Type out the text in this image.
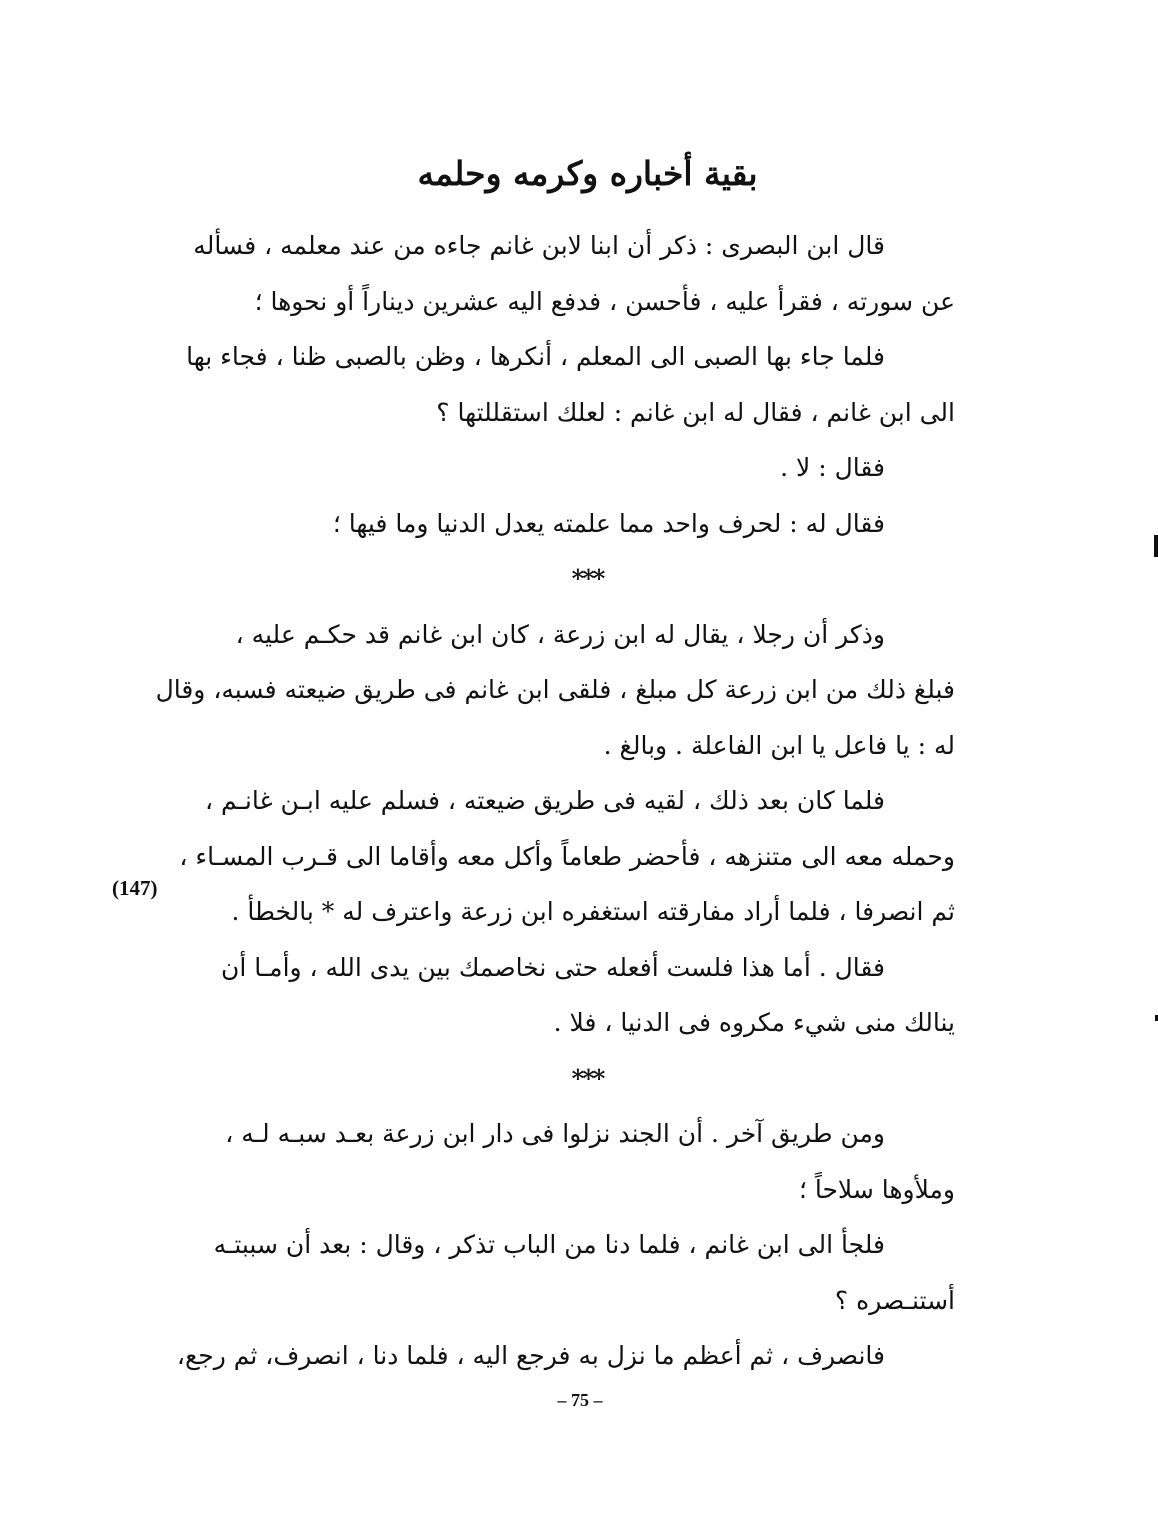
بقية أخباره وكرمه وحلمه
قال ابن البصرى : ذكر أن ابنا لابن غانم جاءه من عند معلمه ، فسأله
عن سورته ، فقرأ عليه ، فأحسن ، فدفع اليه عشرين ديناراً أو نحوها ؛
فلما جاء بها الصبى الى المعلم ، أنكرها ، وظن بالصبى ظنا ، فجاء بها
الى ابن غانم ، فقال له ابن غانم : لعلك استقللتها ؟
فقال : لا .
فقال له : لحرف واحد مما علمته يعدل الدنيا وما فيها ؛
***
وذكر أن رجلا ، يقال له ابن زرعة ، كان ابن غانم قد حكـم عليه ،
فبلغ ذلك من ابن زرعة كل مبلغ ، فلقى ابن غانم فى طريق ضيعته فسبه، وقال
له : يا فاعل يا ابن الفاعلة . وبالغ .
فلما كان بعد ذلك ، لقيه فى طريق ضيعته ، فسلم عليه ابـن غانـم ،
وحمله معه الى متنزهه ، فأحضر طعاماً وأكل معه وأقاما الى قـرب المسـاء ،
ثم انصرفا ، فلما أراد مفارقته استغفره ابن زرعة واعترف له * بالخطأ .
فقال . أما هذا فلست أفعله حتى نخاصمك بين يدى الله ، وأمـا أن
ينالك منى شيء مكروه فى الدنيا ، فلا .
***
ومن طريق آخر . أن الجند نزلوا فى دار ابن زرعة بعـد سبـه لـه ،
وملأوها سلاحاً ؛
فلجأ الى ابن غانم ، فلما دنا من الباب تذكر ، وقال : بعد أن سببتـه
أستنـصره ؟
فانصرف ، ثم أعظم ما نزل به فرجع اليه ، فلما دنا ، انصرف، ثم رجع،
(147)
– 75 –
